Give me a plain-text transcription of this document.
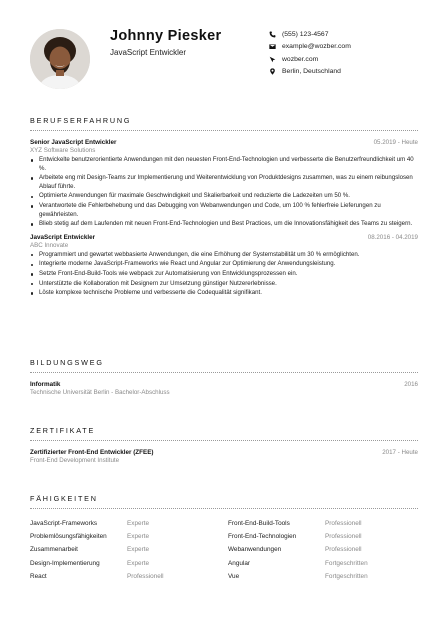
Johnny Piesker
JavaScript Entwickler
(555) 123-4567
example@wozber.com
wozber.com
Berlin, Deutschland
BERUFSERFAHRUNG
Senior JavaScript Entwickler	05.2019 - Heute
XYZ Software Solutions
Entwickelte benutzerorientierte Anwendungen mit den neuesten Front-End-Technologien und verbesserte die Benutzerfreundlichkeit um 40 %.
Arbeitete eng mit Design-Teams zur Implementierung und Weiterentwicklung von Produktdesigns zusammen, was zu einem reibungslosen Ablauf führte.
Optimierte Anwendungen für maximale Geschwindigkeit und Skalierbarkeit und reduzierte die Ladezeiten um 50 %.
Verantwortete die Fehlerbehebung und das Debugging von Webanwendungen und Code, um 100 % fehlerfreie Lieferungen zu gewährleisten.
Blieb stetig auf dem Laufenden mit neuen Front-End-Technologien und Best Practices, um die Innovationsfähigkeit des Teams zu steigern.
JavaScript Entwickler	08.2016 - 04.2019
ABC Innovate
Programmiert und gewartet webbasierte Anwendungen, die eine Erhöhung der Systemstabilität um 30 % ermöglichten.
Integrierte moderne JavaScript-Frameworks wie React und Angular zur Optimierung der Anwendungsleistung.
Setzte Front-End-Build-Tools wie webpack zur Automatisierung von Entwicklungsprozessen ein.
Unterstützte die Kollaboration mit Designern zur Umsetzung günstiger Nutzererlebnisse.
Löste komplexe technische Probleme und verbesserte die Codequalität signifikant.
BILDUNGSWEG
Informatik	2016
Technische Universität Berlin - Bachelor-Abschluss
ZERTIFIKATE
Zertifizierter Front-End Entwickler (ZFEE)	2017 - Heute
Front-End Development Institute
FÄHIGKEITEN
JavaScript-Frameworks	Experte	Front-End-Build-Tools	Professionell
Problemlösungsfähigkeiten	Experte	Front-End-Technologien	Professionell
Zusammenarbeit	Experte	Webanwendungen	Professionell
Design-Implementierung	Experte	Angular	Fortgeschritten
React	Professionell	Vue	Fortgeschritten
